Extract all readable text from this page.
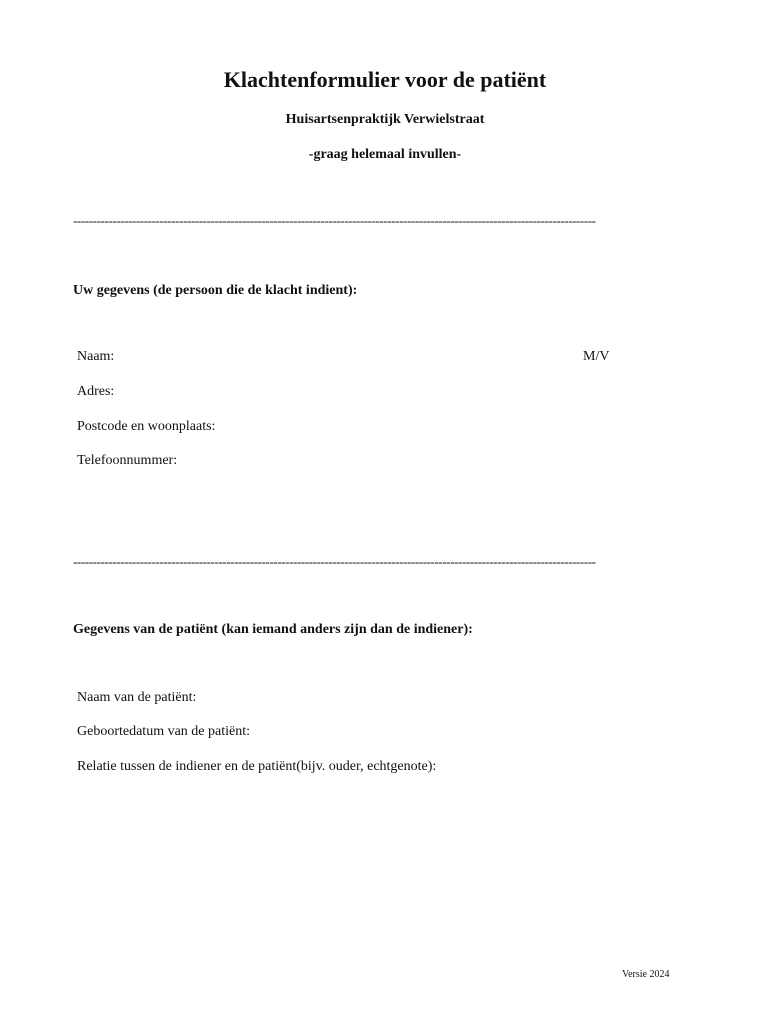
Klachtenformulier voor de patiënt
Huisartsenpraktijk Verwielstraat
-graag helemaal invullen-
-------------------------------------------------------------------------------------------------------------------------------------
Uw gegevens (de persoon die de klacht indient):
Naam:	M/V
Adres:
Postcode en woonplaats:
Telefoonnummer:
-------------------------------------------------------------------------------------------------------------------------------------
Gegevens van de patiënt (kan iemand anders zijn dan de indiener):
Naam van de patiënt:
Geboortedatum van de patiënt:
Relatie tussen de indiener en de patiënt(bijv. ouder, echtgenote):
Versie 2024
